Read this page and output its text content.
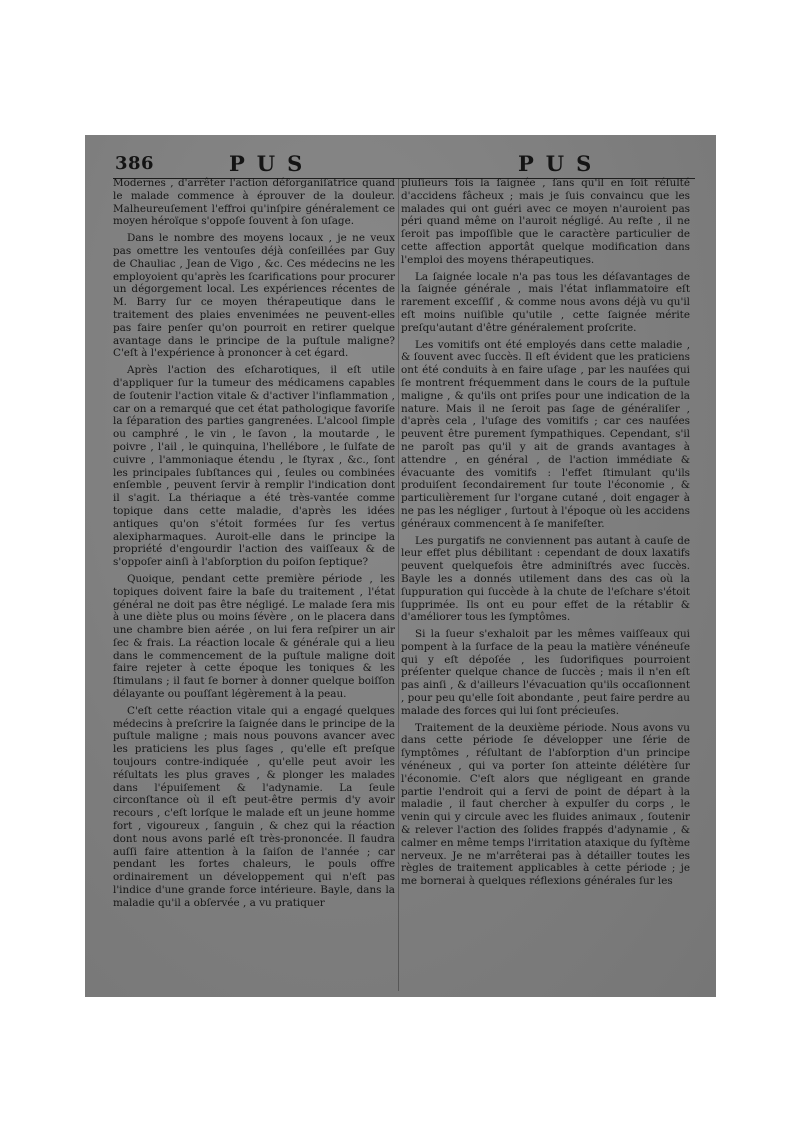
386	PUS	PUS

Modernes , d'arrêter l'action déforganiſatrice quand le malade commence à éprouver de la douleur. Malheureuſement l'effroi qu'inſpire généralement ce moyen héroïque s'oppoſe ſouvent à ſon uſage.

Dans le nombre des moyens locaux , je ne veux pas omettre les ventouſes déjà conſeillées par Guy de Chauliac , Jean de Vigo , &c. Ces médecins ne les employoient qu'après les ſcarifications pour procurer un dégorgement local. Les expériences récentes de M. Barry ſur ce moyen thérapeutique dans le traitement des plaies envenimées ne peuvent-elles pas faire penſer qu'on pourroit en retirer quelque avantage dans le principe de la puſtule maligne? C'eſt à l'expérience à prononcer à cet égard.

Après l'action des eſcharotiques, il eſt utile d'appliquer ſur la tumeur des médicamens capables de ſoutenir l'action vitale & d'activer l'inflammation , car on a remarqué que cet état pathologique favoriſe la ſéparation des parties gangrenées. L'alcool ſimple ou camphré , le vin , le ſavon , la moutarde , le poivre , l'ail , le quinquina, l'hellébore , le ſulfate de cuivre , l'ammoniaque étendu , le ſtyrax , &c., ſont les principales ſubſtances qui , ſeules ou combinées enſemble , peuvent ſervir à remplir l'indication dont il s'agit. La thériaque a été très-vantée comme topique dans cette maladie, d'après les idées antiques qu'on s'étoit formées ſur ſes vertus alexipharmaques. Auroit-elle dans le principe la propriété d'engourdir l'action des vaiſſeaux & de s'oppoſer ainſi à l'abſorption du poiſon ſeptique?

Quoique, pendant cette première période , les topiques doivent faire la baſe du traitement , l'état général ne doit pas être négligé. Le malade ſera mis à une diète plus ou moins ſévère , on le placera dans une chambre bien aérée , on lui fera reſpirer un air ſec & frais. La réaction locale & générale qui a lieu dans le commencement de la puſtule maligne doit faire rejeter à cette époque les toniques & les ſtimulans ; il faut ſe borner à donner quelque boiſſon délayante ou pouſſant légèrement à la peau.

C'eſt cette réaction vitale qui a engagé quelques médecins à preſcrire la ſaignée dans le principe de la puſtule maligne ; mais nous pouvons avancer avec les praticiens les plus ſages , qu'elle eſt preſque toujours contre-indiquée , qu'elle peut avoir les réſultats les plus graves , & plonger les malades dans l'épuiſement & l'adynamie. La ſeule circonſtance où il eſt peut-être permis d'y avoir recours , c'eſt lorſque le malade eſt un jeune homme fort , vigoureux , ſanguin , & chez qui la réaction dont nous avons parlé eſt très-prononcée. Il faudra auſſi faire attention à la ſaiſon de l'année ; car pendant les fortes chaleurs, le pouls offre ordinairement un développement qui n'eſt pas l'indice d'une grande force intérieure. Bayle, dans la maladie qu'il a obſervée , a vu pratiquer

pluſieurs fois la ſaignée , ſans qu'il en ſoit réſulté d'accidens fâcheux ; mais je ſuis convaincu que les malades qui ont guéri avec ce moyen n'auroient pas péri quand même on l'auroit négligé. Au reſte , il ne ſeroit pas impoſſible que le caractère particulier de cette affection apportât quelque modification dans l'emploi des moyens thérapeutiques.

La ſaignée locale n'a pas tous les déſavantages de la ſaignée générale , mais l'état inflammatoire eſt rarement exceſſif , & comme nous avons déjà vu qu'il eſt moins nuiſible qu'utile , cette ſaignée mérite preſqu'autant d'être généralement proſcrite.

Les vomitifs ont été employés dans cette maladie , & ſouvent avec ſuccès. Il eſt évident que les praticiens ont été conduits à en faire uſage , par les nauſées qui ſe montrent fréquemment dans le cours de la puſtule maligne , & qu'ils ont priſes pour une indication de la nature. Mais il ne ſeroit pas ſage de généraliſer , d'après cela , l'uſage des vomitifs ; car ces nauſées peuvent être purement ſympathiques. Cependant, s'il ne paroît pas qu'il y ait de grands avantages à attendre , en général , de l'action immédiate & évacuante des vomitifs : l'effet ſtimulant qu'ils produiſent ſecondairement ſur toute l'économie , & particulièrement ſur l'organe cutané , doit engager à ne pas les négliger , ſurtout à l'époque où les accidens généraux commencent à ſe manifeſter.

Les purgatifs ne conviennent pas autant à cauſe de leur effet plus débilitant : cependant de doux laxatifs peuvent quelquefois être adminiſtrés avec ſuccès. Bayle les a donnés utilement dans des cas où la ſuppuration qui ſuccède à la chute de l'eſchare s'étoit ſupprimée. Ils ont eu pour effet de la rétablir & d'améliorer tous les ſymptômes.

Si la ſueur s'exhaloit par les mêmes vaiſſeaux qui pompent à la ſurface de la peau la matière vénéneuſe qui y eſt dépoſée , les ſudorifiques pourroient préſenter quelque chance de ſuccès ; mais il n'en eſt pas ainſi , & d'ailleurs l'évacuation qu'ils occaſionnent , pour peu qu'elle ſoit abondante , peut faire perdre au malade des forces qui lui ſont précieuſes.

Traitement de la deuxième période. Nous avons vu dans cette période ſe développer une ſérie de ſymptômes , réſultant de l'abſorption d'un principe vénéneux , qui va porter ſon atteinte délétère ſur l'économie. C'eſt alors que négligeant en grande partie l'endroit qui a ſervi de point de départ à la maladie , il faut chercher à expulſer du corps , le venin qui y circule avec les fluides animaux , ſoutenir & relever l'action des ſolides frappés d'adynamie , & calmer en même temps l'irritation ataxique du ſyſtème nerveux. Je ne m'arrêterai pas à détailler toutes les règles de traitement applicables à cette période ; je me bornerai à quelques réflexions générales ſur les
